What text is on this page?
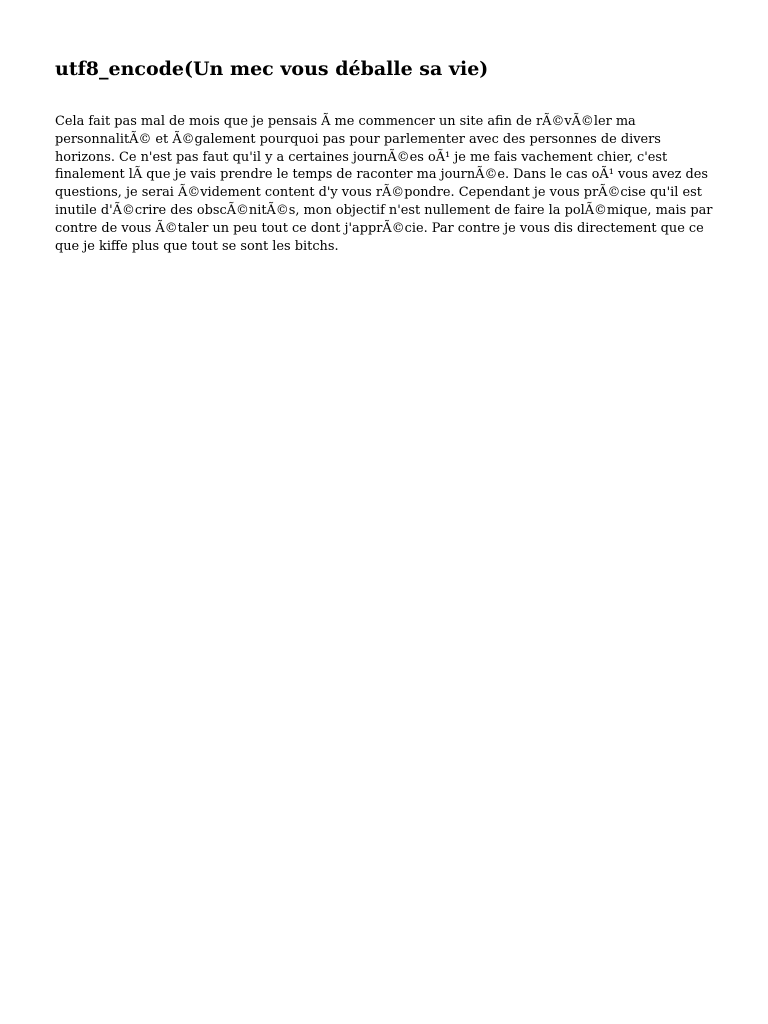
utf8_encode(Un mec vous déballe sa vie)

Cela fait pas mal de mois que je pensais Ã me commencer un site afin de rÃ©vÃ©ler ma
personnalitÃ© et Ã©galement pourquoi pas pour parlementer avec des personnes de divers
horizons. Ce n'est pas faut qu'il y a certaines journÃ©es oÃ¹ je me fais vachement chier, c'est
finalement lÃ que je vais prendre le temps de raconter ma journÃ©e. Dans le cas oÃ¹ vous avez des
questions, je serai Ã©videment content d'y vous rÃ©pondre. Cependant je vous prÃ©cise qu'il est
inutile d'Ã©crire des obscÃ©nitÃ©s, mon objectif n'est nullement de faire la polÃ©mique, mais par
contre de vous Ã©taler un peu tout ce dont j'apprÃ©cie. Par contre je vous dis directement que ce
que je kiffe plus que tout se sont les bitchs.
